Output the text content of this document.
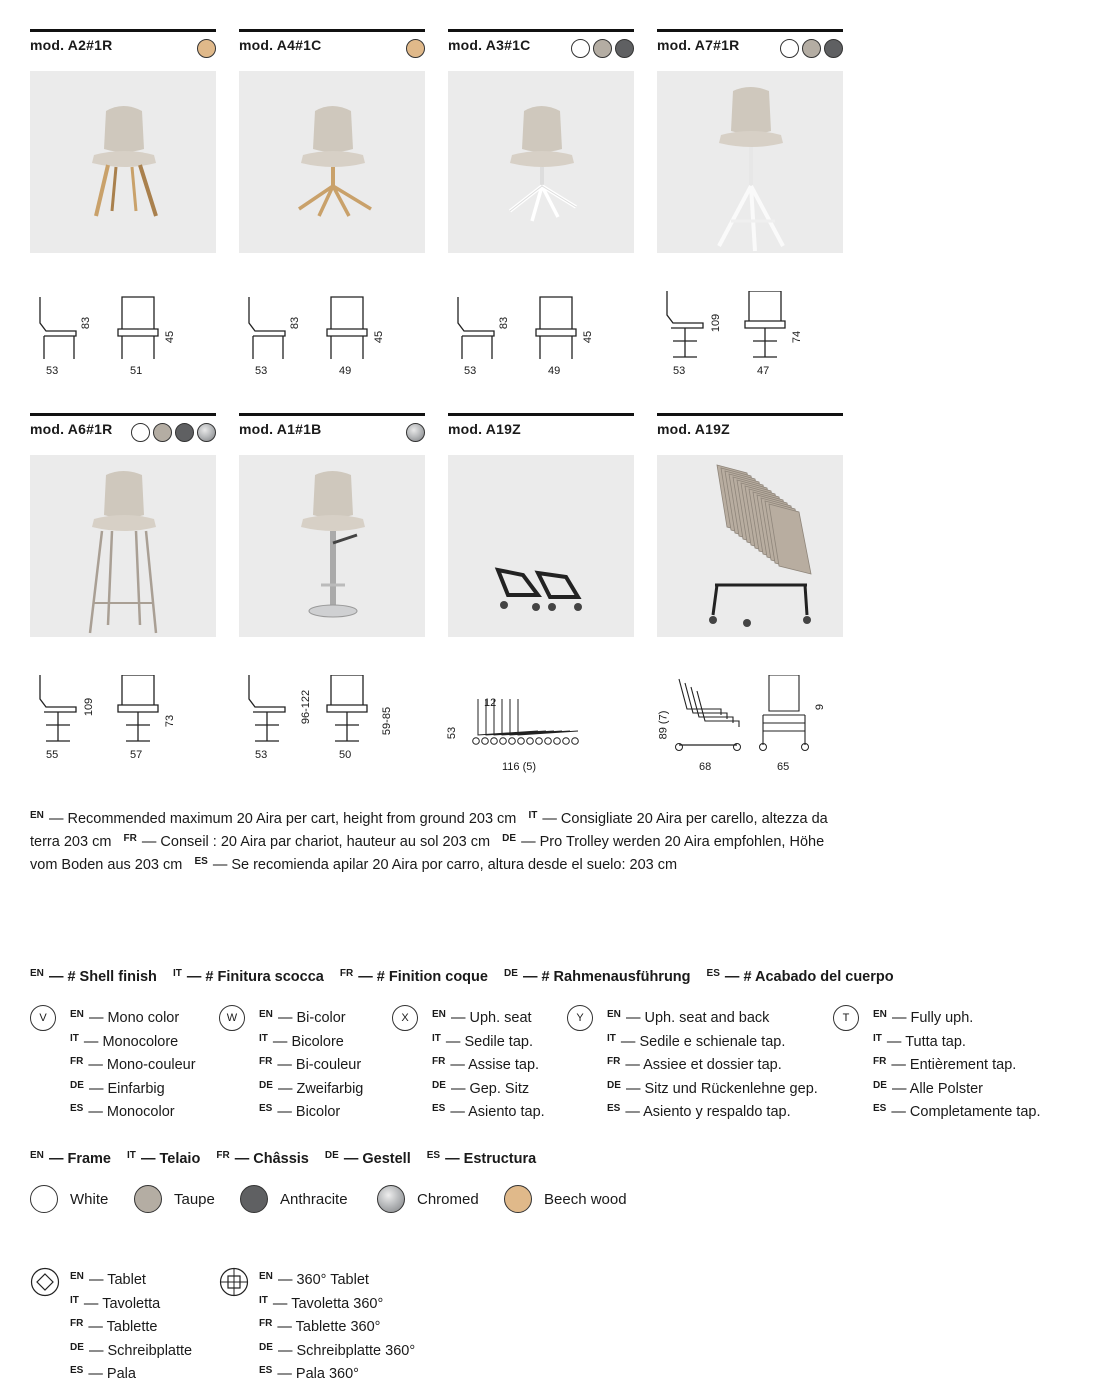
mod. A2#1R
53	51
83
45
mod. A4#1C
53	49
83
45
mod. A3#1C
53	49
83
45
mod. A7#1R
53	47
109
74
mod. A6#1R
55	57
109
73
mod. A1#1B
53	50
96-122	59-85
mod. A19Z
116 (5)
12
53
mod. A19Z
68	65
89 (7)
9
$^{EN}$ — Recommended maximum 20 Aira per cart, height from ground 203 cm $^{IT}$ — Consigliate 20 Aira per carello, altezza da terra 203 cm $^{FR}$ — Conseil : 20 Aira par chariot, hauteur au sol 203 cm $^{DE}$ — Pro Trolley werden 20 Aira empfohlen, Höhe vom Boden aus 203 cm $^{ES}$ — Se recomienda apilar 20 Aira por carro, altura desde el suelo: 203 cm
$^{EN}$ — # Shell finish $^{IT}$ — # Finitura scocca $^{FR}$ — # Finition coque $^{DE}$ — # Rahmenausführung $^{ES}$ — # Acabado del cuerpo
V	$^{EN}$ — Mono color
$^{IT}$ — Monocolore
$^{FR}$ — Mono-couleur
$^{DE}$ — Einfarbig
$^{ES}$ — Monocolor
W	$^{EN}$ — Bi-color
$^{IT}$ — Bicolore
$^{FR}$ — Bi-couleur
$^{DE}$ — Zweifarbig
$^{ES}$ — Bicolor
X	$^{EN}$ — Uph. seat
$^{IT}$ — Sedile tap.
$^{FR}$ — Assise tap.
$^{DE}$ — Gep. Sitz
$^{ES}$ — Asiento tap.
Y	$^{EN}$ — Uph. seat and back
$^{IT}$ — Sedile e schienale tap.
$^{FR}$ — Assiee et dossier tap.
$^{DE}$ — Sitz und Rückenlehne gep.
$^{ES}$ — Asiento y respaldo tap.
T	$^{EN}$ — Fully uph.
$^{IT}$ — Tutta tap.
$^{FR}$ — Entièrement tap.
$^{DE}$ — Alle Polster
$^{ES}$ — Completamente tap.
$^{EN}$ — Frame $^{IT}$ — Telaio $^{FR}$ — Châssis $^{DE}$ — Gestell $^{ES}$ — Estructura
White	Taupe	Anthracite	Chromed	Beech wood
$^{EN}$ — Tablet
$^{IT}$ — Tavoletta
$^{FR}$ — Tablette
$^{DE}$ — Schreibplatte
$^{ES}$ — Pala
$^{EN}$ — 360° Tablet
$^{IT}$ — Tavoletta 360°
$^{FR}$ — Tablette 360°
$^{DE}$ — Schreibplatte 360°
$^{ES}$ — Pala 360°
